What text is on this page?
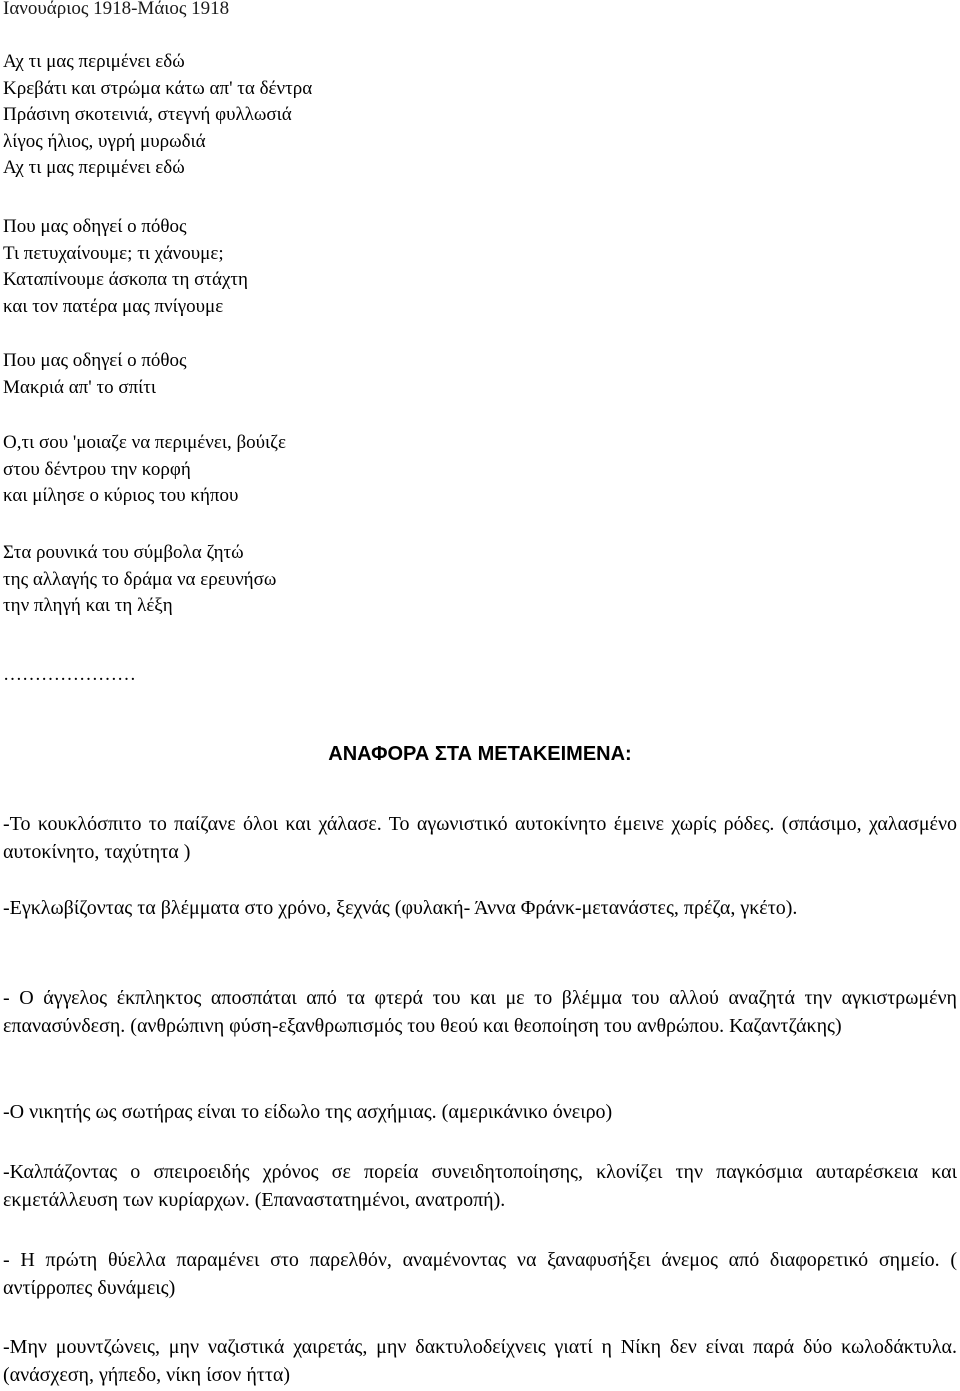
Ιανουάριος 1918-Μάιος 1918
Αχ τι μας περιμένει εδώ
Κρεβάτι και στρώμα κάτω απ' τα δέντρα
Πράσινη σκοτεινιά, στεγνή φυλλωσιά
λίγος ήλιος, υγρή μυρωδιά
Αχ τι μας περιμένει εδώ
Που μας οδηγεί ο πόθος
Τι πετυχαίνουμε; τι χάνουμε;
Καταπίνουμε άσκοπα τη στάχτη
και τον πατέρα μας πνίγουμε
Που μας οδηγεί ο πόθος
Μακριά απ' το σπίτι
Ο,τι σου 'μοιαζε να περιμένει, βούιζε
στου δέντρου την κορφή
και μίλησε ο κύριος του κήπου
Στα ρουνικά του σύμβολα ζητώ
της αλλαγής το δράμα να ερευνήσω
την πληγή και τη λέξη
…………………
ΑΝΑΦΟΡΑ ΣΤΑ ΜΕΤΑΚΕΙΜΕΝΑ:
-Το κουκλόσπιτο το παίζανε όλοι και χάλασε. Το αγωνιστικό αυτοκίνητο έμεινε χωρίς ρόδες. (σπάσιμο, χαλασμένο αυτοκίνητο, ταχύτητα )
-Εγκλωβίζοντας τα βλέμματα στο χρόνο, ξεχνάς (φυλακή- Άννα Φράνκ-μετανάστες, πρέζα, γκέτο).
- Ο άγγελος έκπληκτος αποσπάται από τα φτερά του και με το βλέμμα του αλλού αναζητά την αγκιστρωμένη επανασύνδεση. (ανθρώπινη φύση-εξανθρωπισμός του θεού και θεοποίηση του ανθρώπου. Καζαντζάκης)
-Ο νικητής ως σωτήρας είναι το είδωλο της ασχήμιας. (αμερικάνικο όνειρο)
-Καλπάζοντας ο σπειροειδής χρόνος σε πορεία συνειδητοποίησης, κλονίζει την παγκόσμια αυταρέσκεια και εκμετάλλευση των κυρίαρχων. (Επαναστατημένοι, ανατροπή).
- Η πρώτη θύελλα παραμένει στο παρελθόν, αναμένοντας να ξαναφυσήξει άνεμος από διαφορετικό σημείο. ( αντίρροπες δυνάμεις)
-Μην μουντζώνεις, μην ναζιστικά χαιρετάς, μην δακτυλοδείχνεις γιατί η Νίκη δεν είναι παρά δύο κωλοδάκτυλα. (ανάσχεση, γήπεδο, νίκη ίσον ήττα)
